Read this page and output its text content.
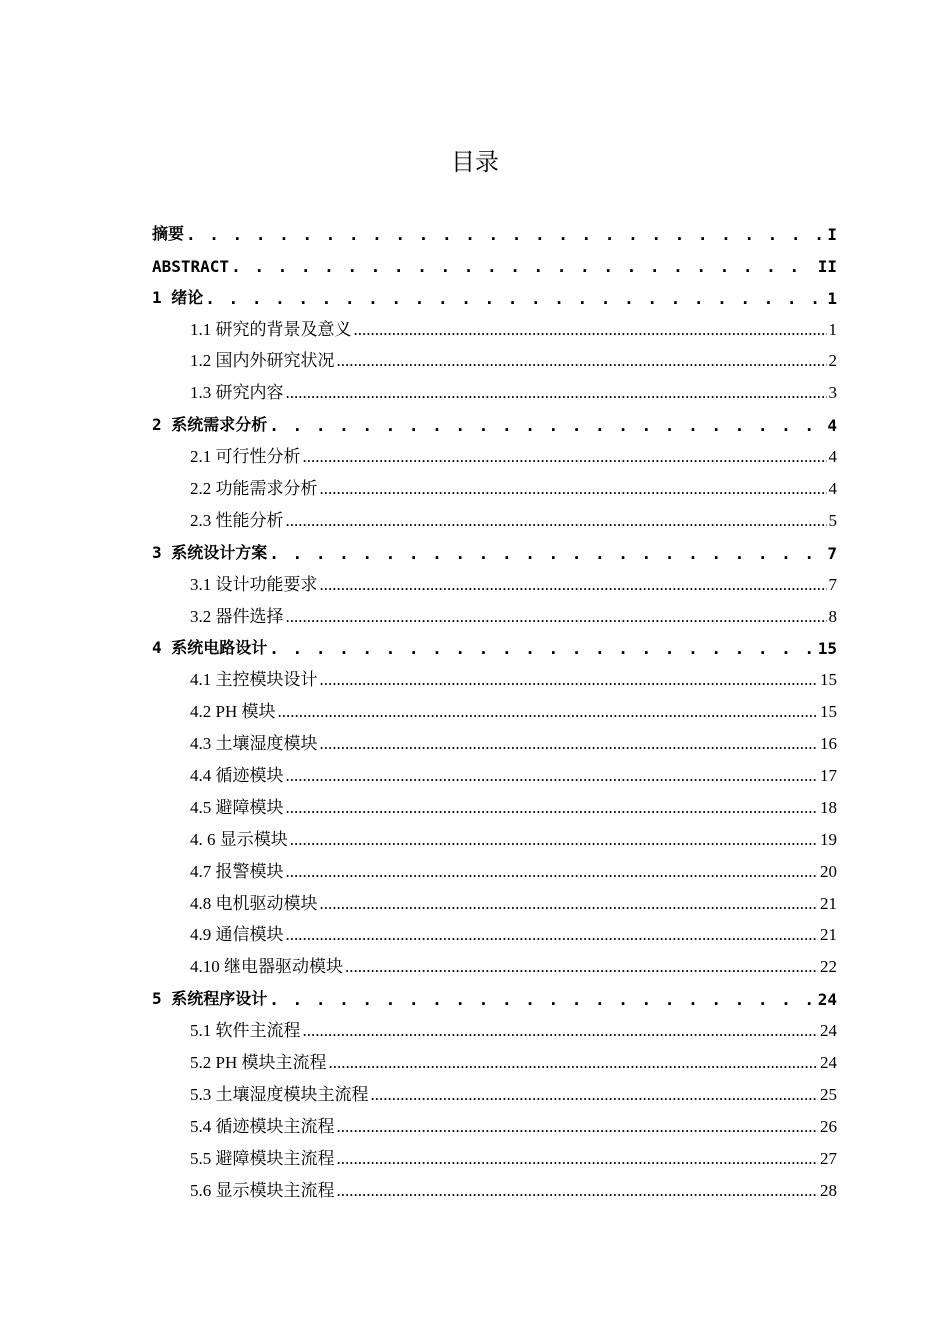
目录
摘要 . . .	I
ABSTRACT . . .	II
1 绪论 . . .	1
1.1 研究的背景及意义 .....	1
1.2 国内外研究状况 .....	2
1.3 研究内容 .....	3
2 系统需求分析 . . .	4
2.1 可行性分析 .....	4
2.2 功能需求分析 .....	4
2.3 性能分析 .....	5
3 系统设计方案 . . .	7
3.1 设计功能要求 .....	7
3.2 器件选择 .....	8
4 系统电路设计 . . .	15
4.1 主控模块设计 .....	15
4.2 PH 模块 .....	15
4.3 土壤湿度模块 .....	16
4.4 循迹模块 .....	17
4.5 避障模块 .....	18
4. 6 显示模块 .....	19
4.7 报警模块 .....	20
4.8 电机驱动模块 .....	21
4.9 通信模块 .....	21
4.10 继电器驱动模块 .....	22
5 系统程序设计 . . .	24
5.1 软件主流程 .....	24
5.2 PH 模块主流程 .....	24
5.3 土壤湿度模块主流程 .....	25
5.4 循迹模块主流程 .....	26
5.5 避障模块主流程 .....	27
5.6 显示模块主流程 .....	28
